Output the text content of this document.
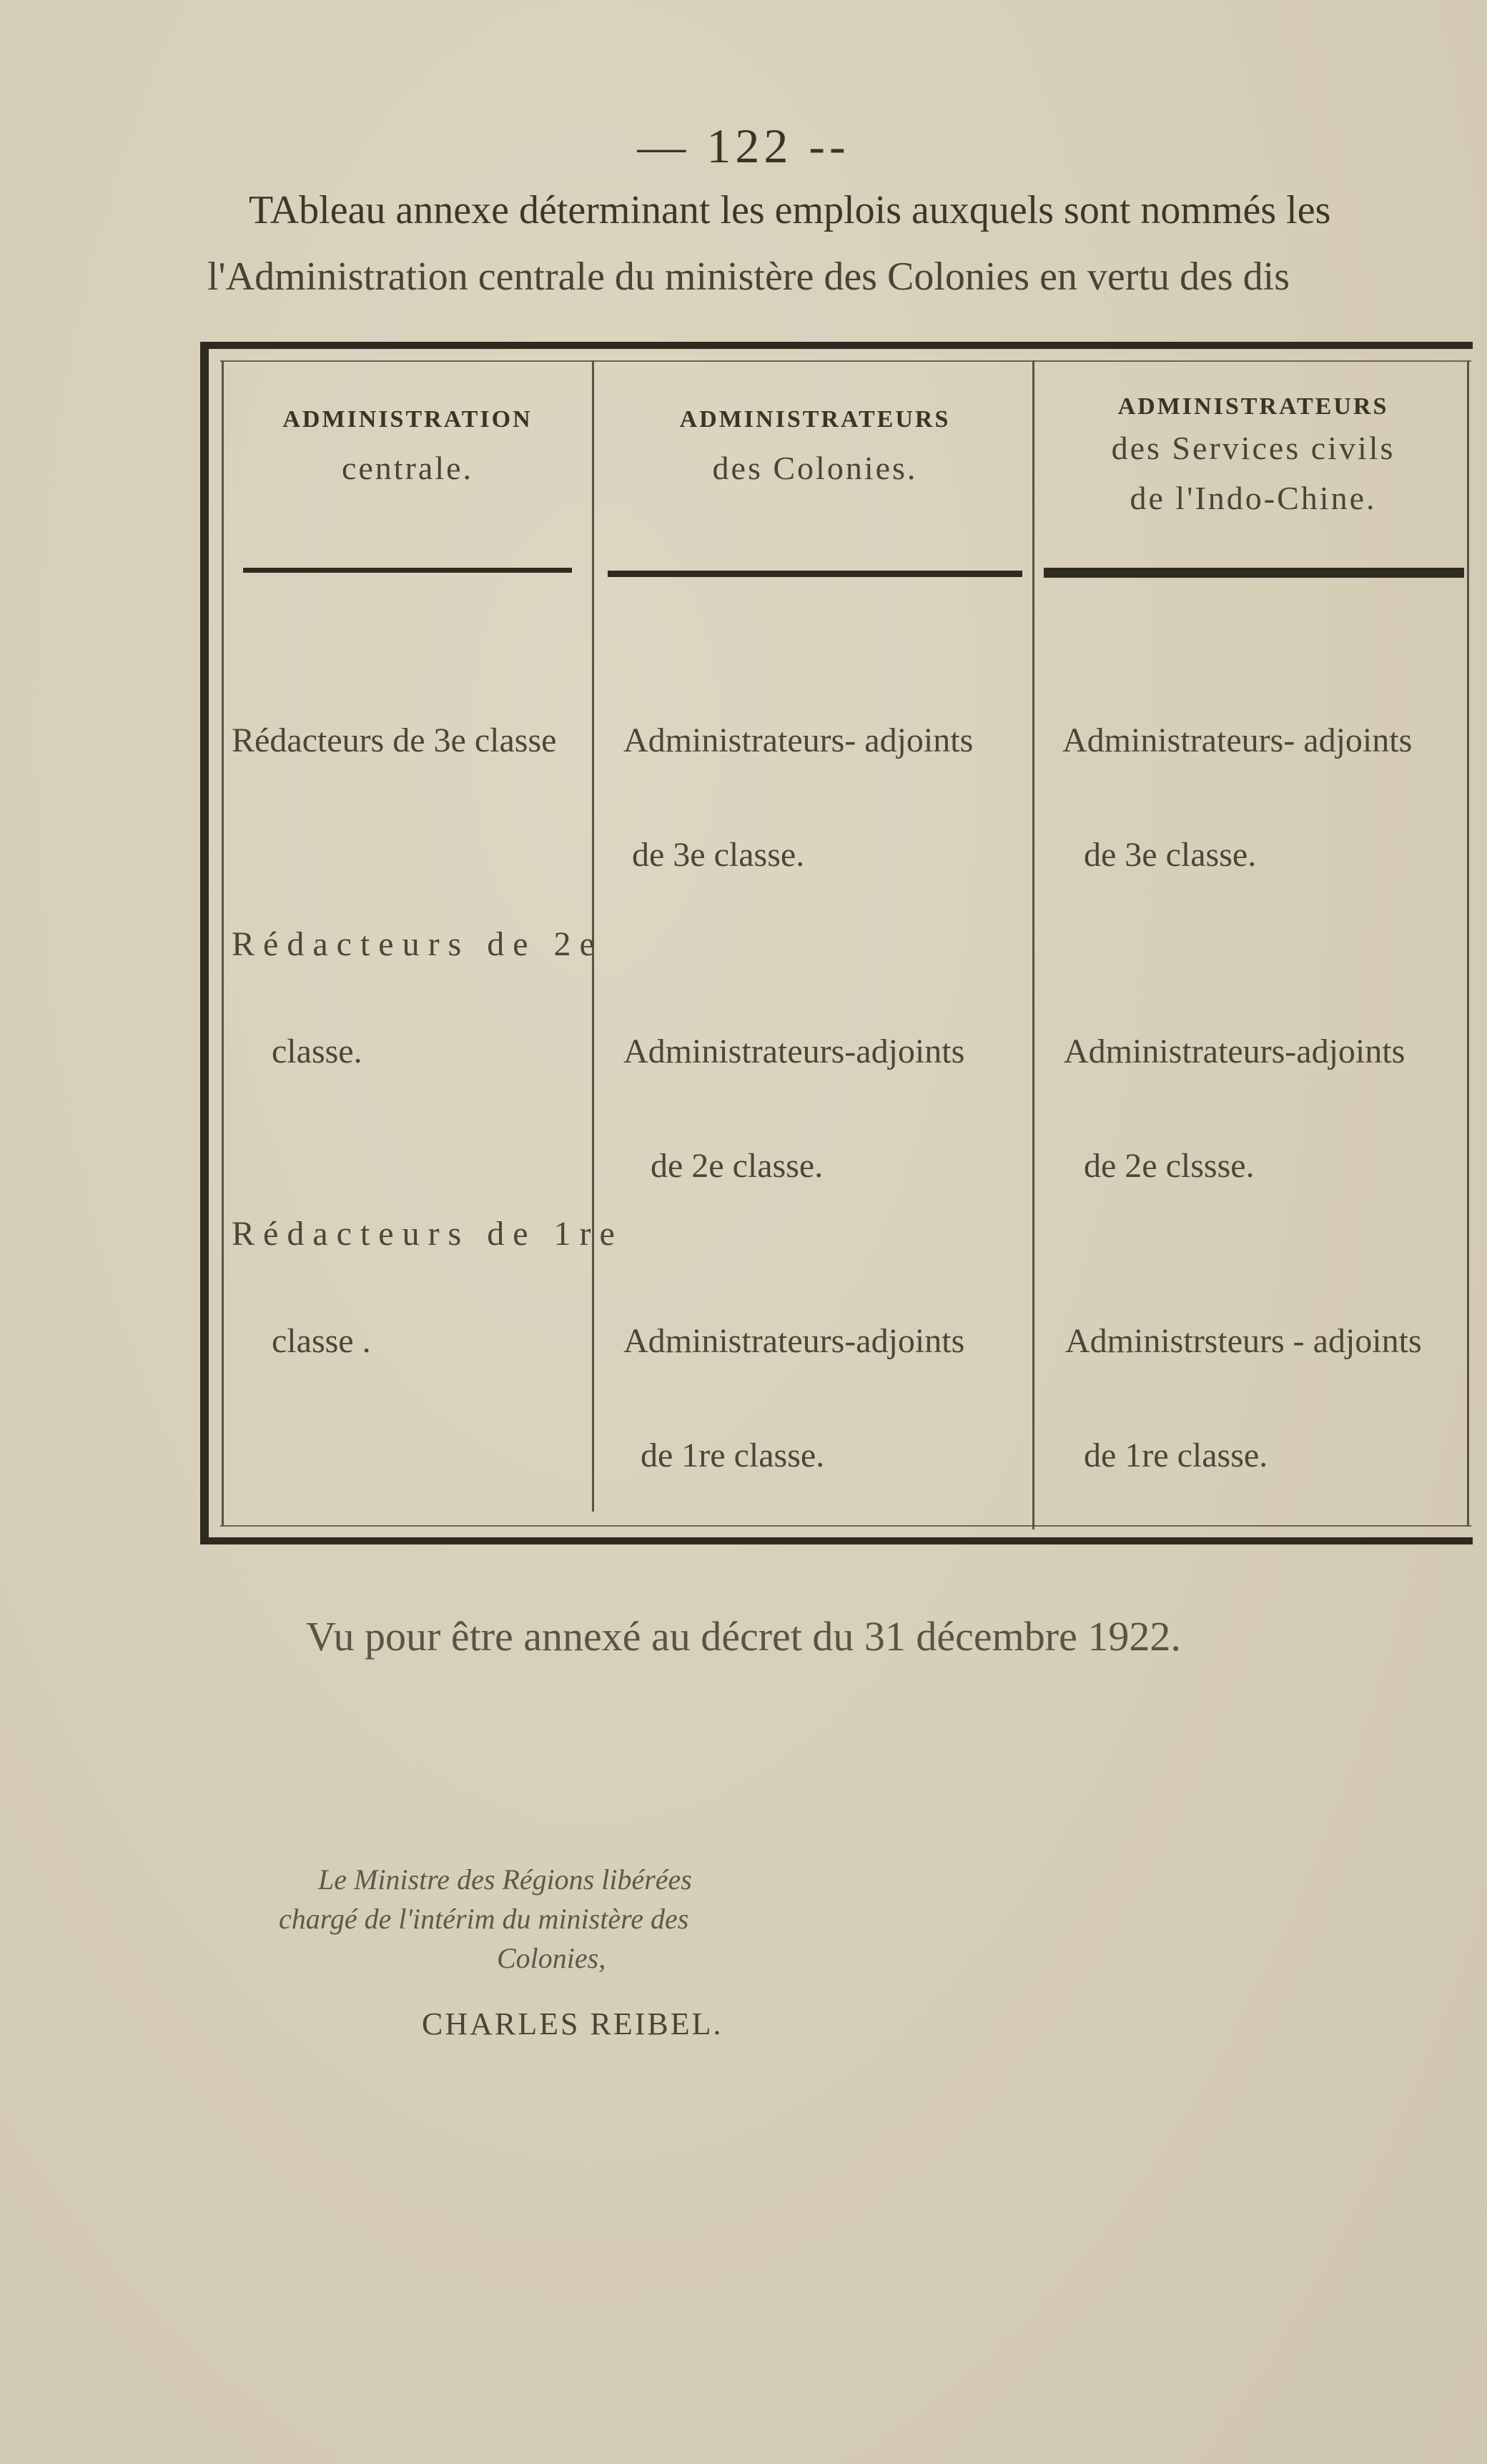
— 122 --
TAbleau annexe déterminant les emplois auxquels sont nommés les
l'Administration centrale du ministère des Colonies en vertu des dis
ADMINISTRATION
centrale.
ADMINISTRATEURS
des Colonies.
ADMINISTRATEURS
des Services civils
de l'Indo-Chine.
Rédacteurs de 3e classe
Rédacteurs de 2e
classe.
Rédacteurs de 1re
classe .
Administrateurs- adjoints
de 3e classe.
Administrateurs-adjoints
de 2e classe.
Administrateurs-adjoints
de 1re classe.
Administrateurs- adjoints
de 3e classe.
Administrateurs-adjoints
de 2e clssse.
Administrsteurs - adjoints
de 1re classe.
Vu pour être annexé au décret du 31 décembre 1922.
Le Ministre des Régions libérées
chargé de l'intérim du ministère des
Colonies,
CHARLES REIBEL.
